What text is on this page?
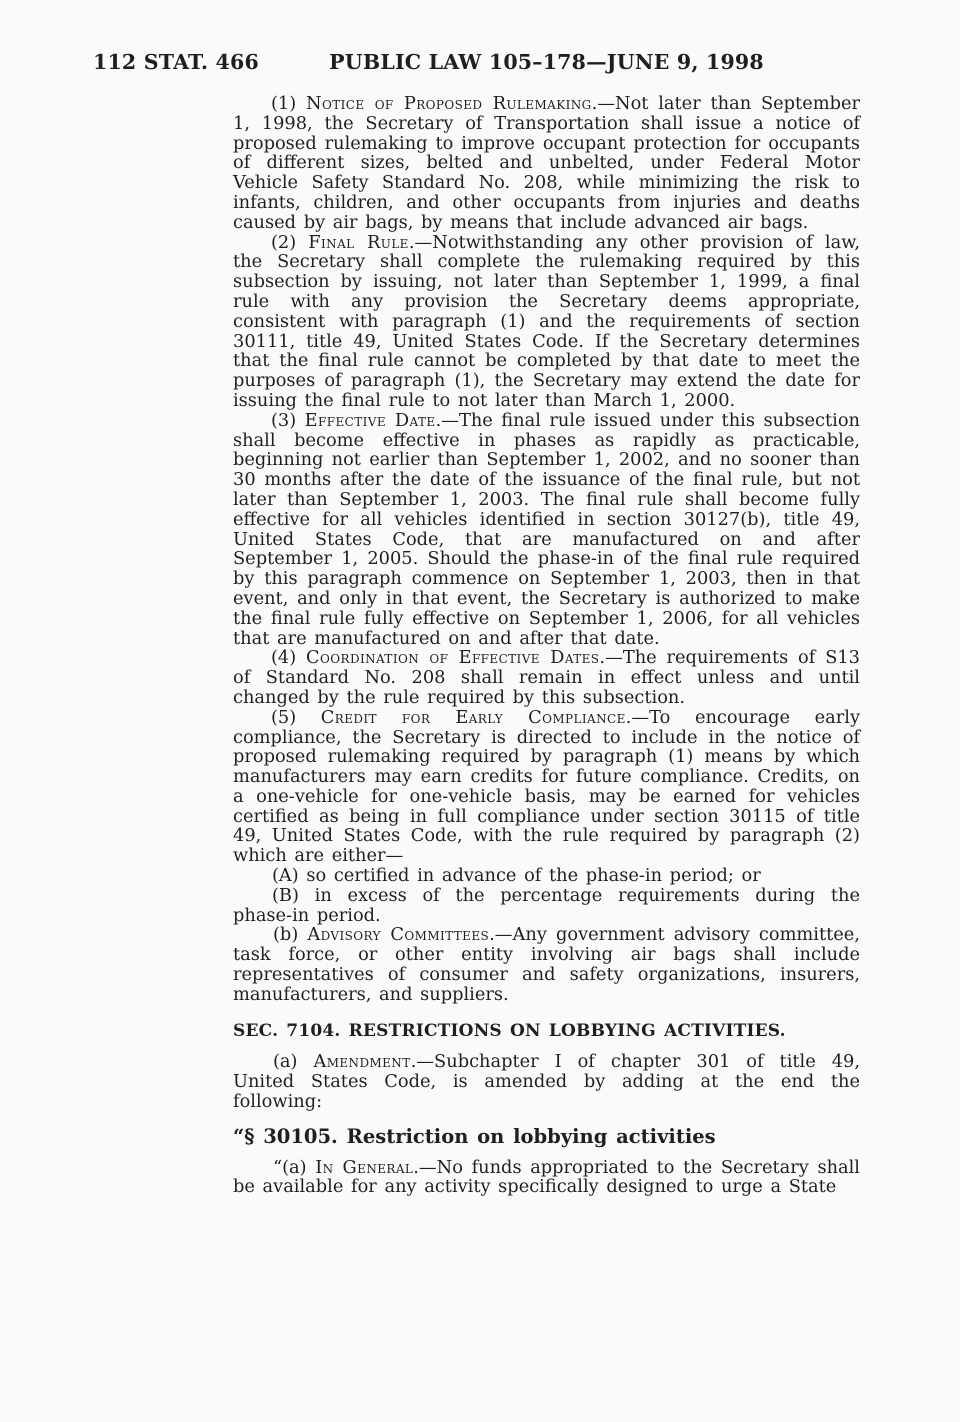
112 STAT. 466	PUBLIC LAW 105–178—JUNE 9, 1998

(1) Notice of Proposed Rulemaking.—Not later than September 1, 1998, the Secretary of Transportation shall issue a notice of proposed rulemaking to improve occupant protection for occupants of different sizes, belted and unbelted, under Federal Motor Vehicle Safety Standard No. 208, while minimizing the risk to infants, children, and other occupants from injuries and deaths caused by air bags, by means that include advanced air bags.

(2) Final Rule.—Notwithstanding any other provision of law, the Secretary shall complete the rulemaking required by this subsection by issuing, not later than September 1, 1999, a final rule with any provision the Secretary deems appropriate, consistent with paragraph (1) and the requirements of section 30111, title 49, United States Code. If the Secretary determines that the final rule cannot be completed by that date to meet the purposes of paragraph (1), the Secretary may extend the date for issuing the final rule to not later than March 1, 2000.

(3) Effective Date.—The final rule issued under this subsection shall become effective in phases as rapidly as practicable, beginning not earlier than September 1, 2002, and no sooner than 30 months after the date of the issuance of the final rule, but not later than September 1, 2003. The final rule shall become fully effective for all vehicles identified in section 30127(b), title 49, United States Code, that are manufactured on and after September 1, 2005. Should the phase-in of the final rule required by this paragraph commence on September 1, 2003, then in that event, and only in that event, the Secretary is authorized to make the final rule fully effective on September 1, 2006, for all vehicles that are manufactured on and after that date.

(4) Coordination of Effective Dates.—The requirements of S13 of Standard No. 208 shall remain in effect unless and until changed by the rule required by this subsection.

(5) Credit for Early Compliance.—To encourage early compliance, the Secretary is directed to include in the notice of proposed rulemaking required by paragraph (1) means by which manufacturers may earn credits for future compliance. Credits, on a one-vehicle for one-vehicle basis, may be earned for vehicles certified as being in full compliance under section 30115 of title 49, United States Code, with the rule required by paragraph (2) which are either—

(A) so certified in advance of the phase-in period; or

(B) in excess of the percentage requirements during the phase-in period.

(b) Advisory Committees.—Any government advisory committee, task force, or other entity involving air bags shall include representatives of consumer and safety organizations, insurers, manufacturers, and suppliers.

SEC. 7104. RESTRICTIONS ON LOBBYING ACTIVITIES.

(a) Amendment.—Subchapter I of chapter 301 of title 49, United States Code, is amended by adding at the end the following:

“§ 30105. Restriction on lobbying activities

“(a) In General.—No funds appropriated to the Secretary shall be available for any activity specifically designed to urge a State
